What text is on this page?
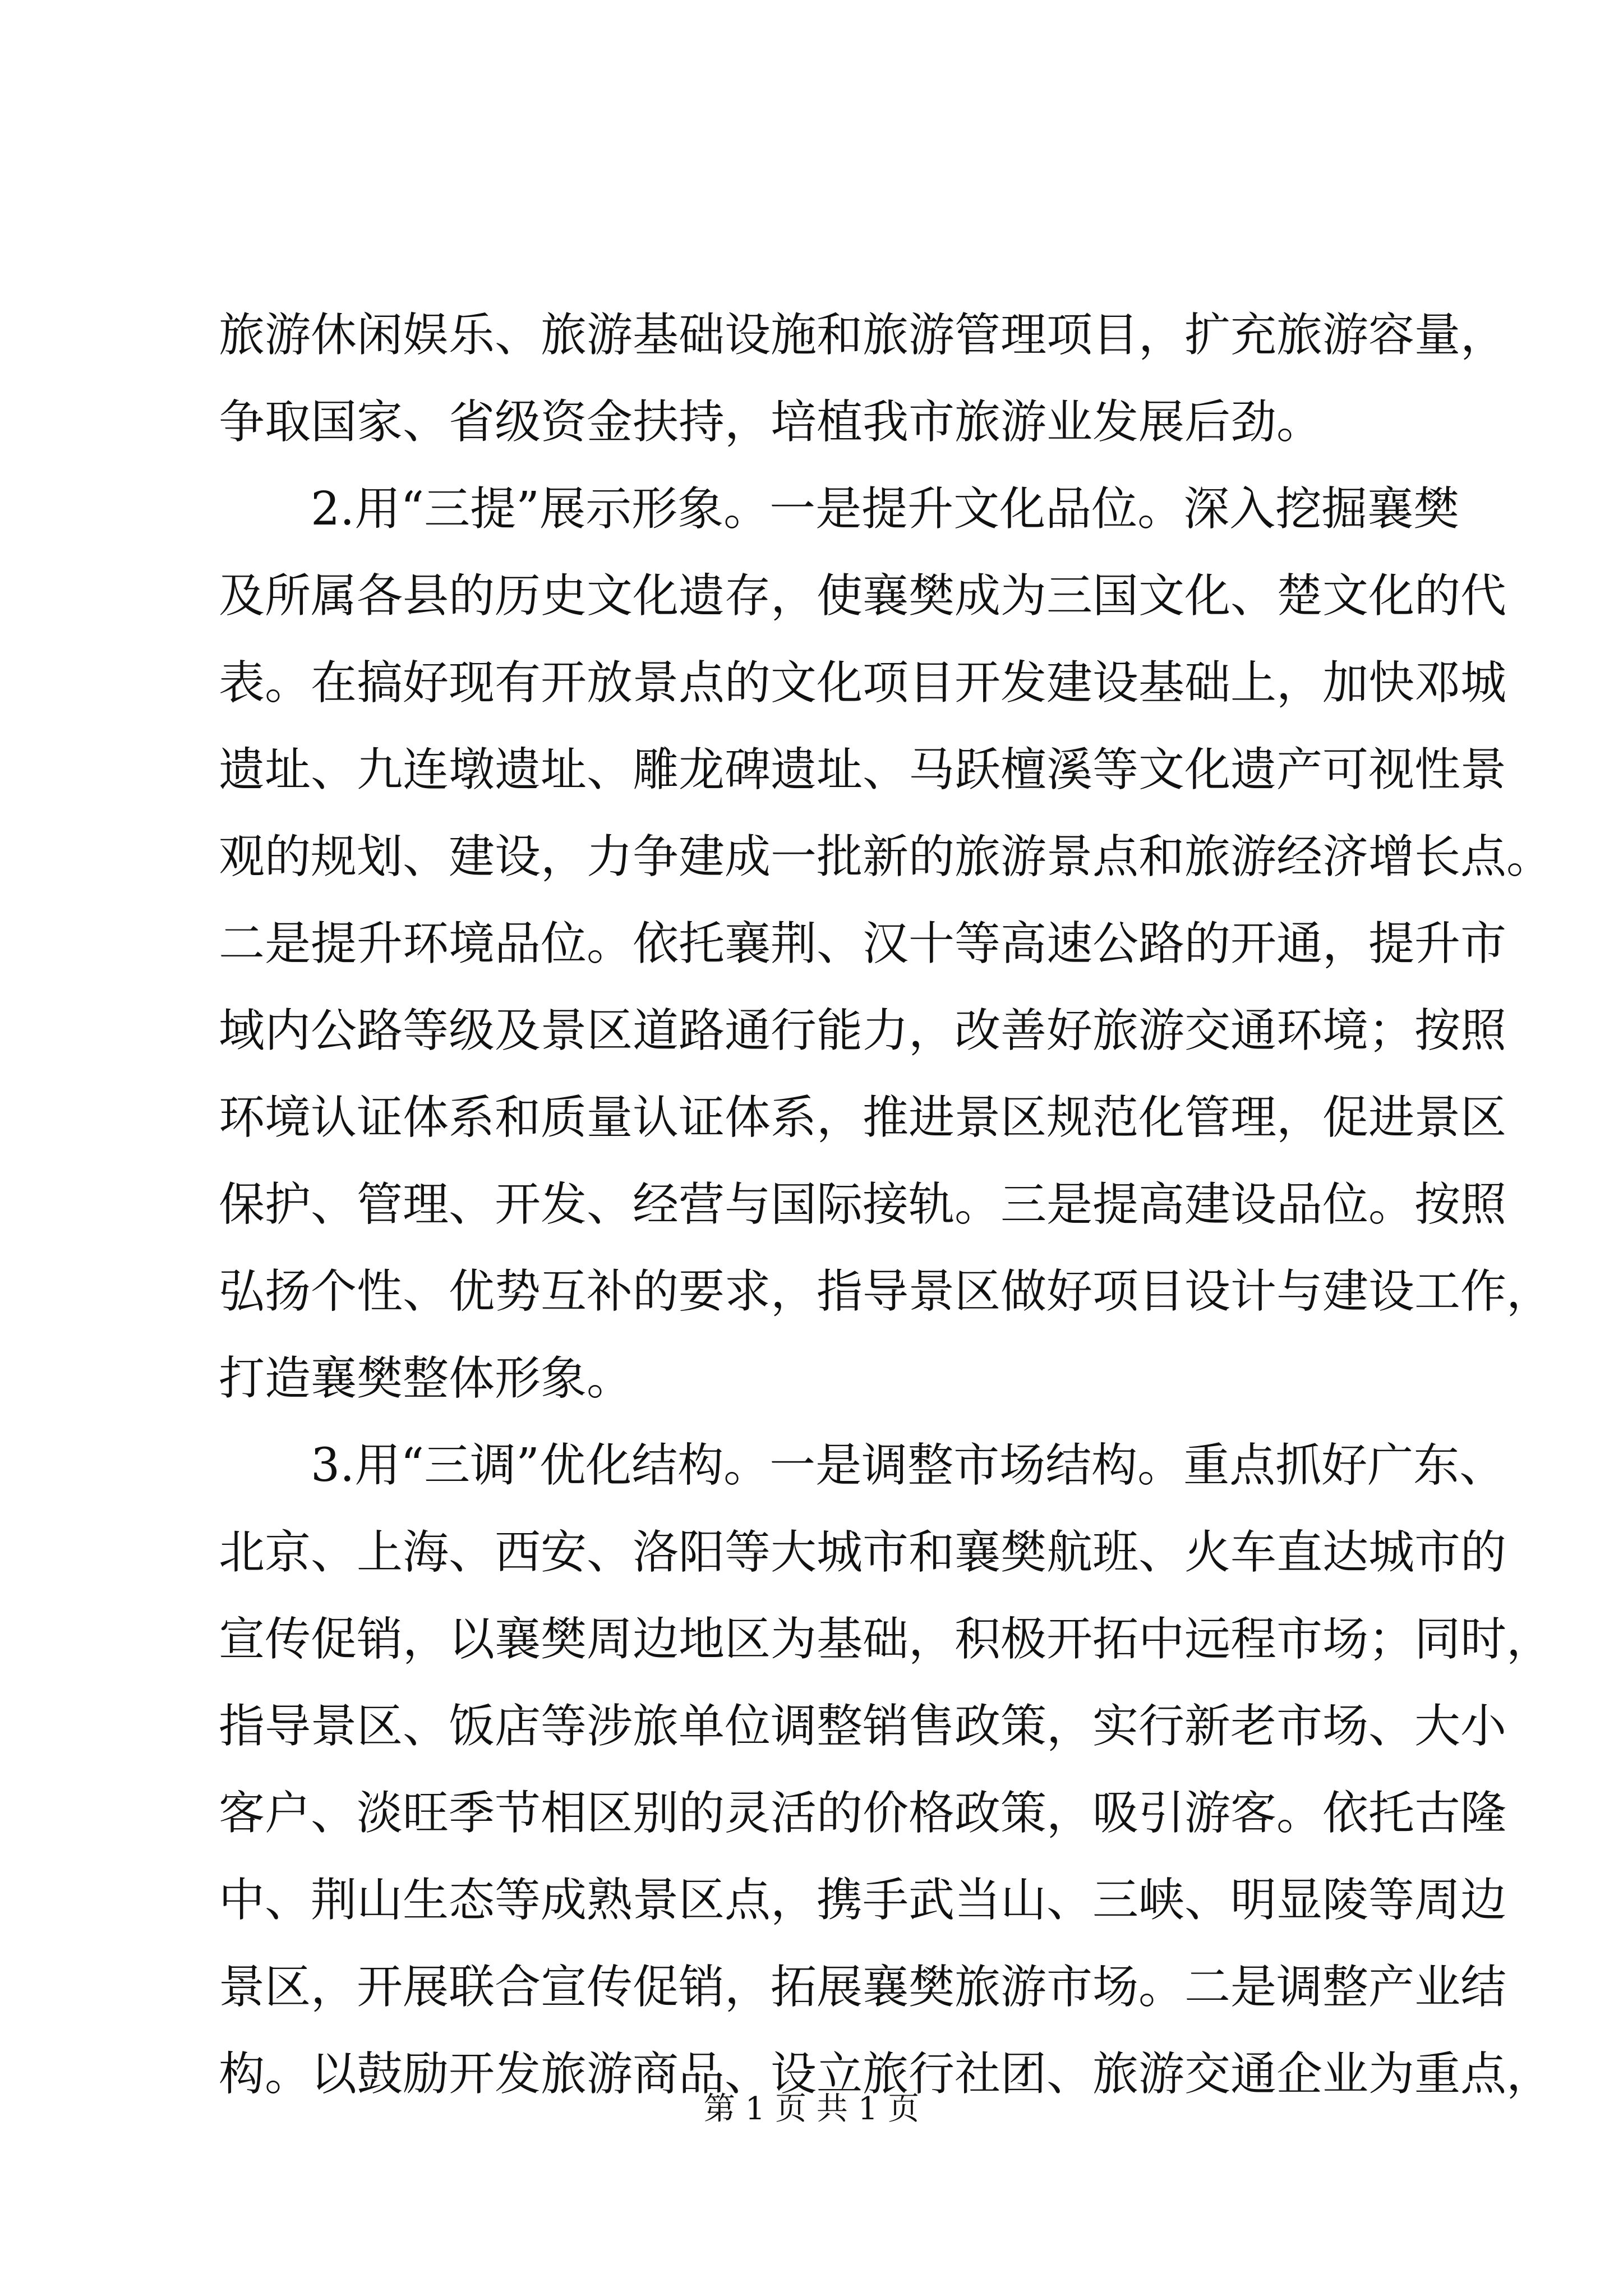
旅游休闲娱乐、旅游基础设施和旅游管理项目，扩充旅游容量，
争取国家、省级资金扶持，培植我市旅游业发展后劲。
2.用“三提”展示形象。一是提升文化品位。深入挖掘襄樊
及所属各县的历史文化遗存，使襄樊成为三国文化、楚文化的代
表。在搞好现有开放景点的文化项目开发建设基础上，加快邓城
遗址、九连墩遗址、雕龙碑遗址、马跃檀溪等文化遗产可视性景
观的规划、建设，力争建成一批新的旅游景点和旅游经济增长点。
二是提升环境品位。依托襄荆、汉十等高速公路的开通，提升市
域内公路等级及景区道路通行能力，改善好旅游交通环境；按照
环境认证体系和质量认证体系，推进景区规范化管理，促进景区
保护、管理、开发、经营与国际接轨。三是提高建设品位。按照
弘扬个性、优势互补的要求，指导景区做好项目设计与建设工作，
打造襄樊整体形象。
3.用“三调”优化结构。一是调整市场结构。重点抓好广东、
北京、上海、西安、洛阳等大城市和襄樊航班、火车直达城市的
宣传促销，以襄樊周边地区为基础，积极开拓中远程市场；同时，
指导景区、饭店等涉旅单位调整销售政策，实行新老市场、大小
客户、淡旺季节相区别的灵活的价格政策，吸引游客。依托古隆
中、荆山生态等成熟景区点，携手武当山、三峡、明显陵等周边
景区，开展联合宣传促销，拓展襄樊旅游市场。二是调整产业结
构。以鼓励开发旅游商品、设立旅行社团、旅游交通企业为重点，
第 1 页 共 1 页
